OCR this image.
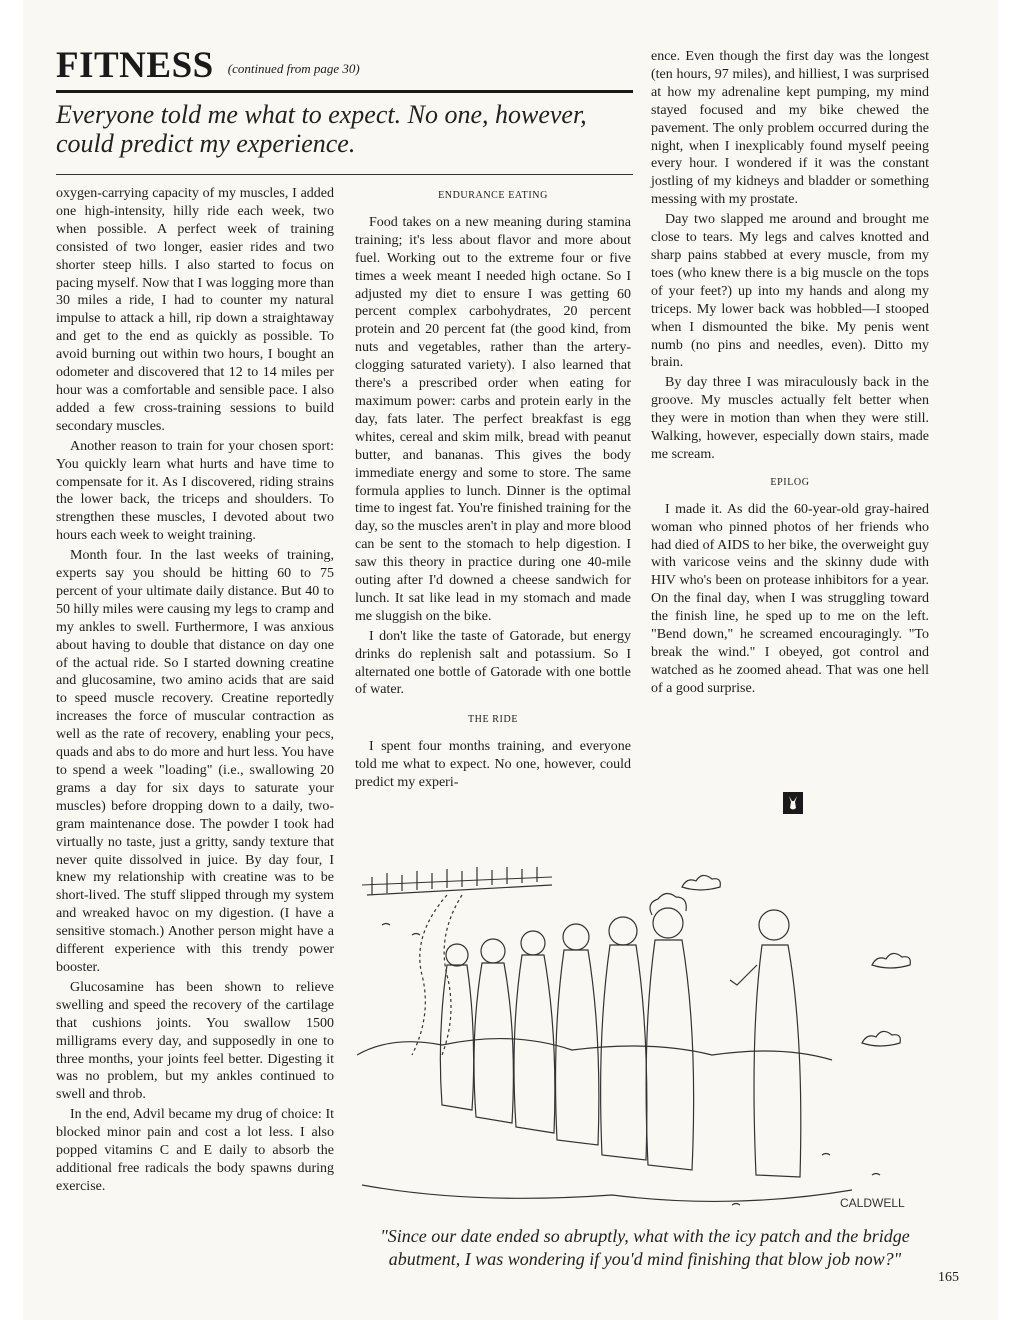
FITNESS $^{(continued from page 30)}$
Everyone told me what to expect. No one, however, could predict my experience.

oxygen-carrying capacity of my muscles, I added one high-intensity, hilly ride each week, two when possible. A perfect week of training consisted of two longer, easier rides and two shorter steep hills. I also started to focus on pacing myself. Now that I was logging more than 30 miles a ride, I had to counter my natural impulse to attack a hill, rip down a straightaway and get to the end as quickly as possible. To avoid burning out within two hours, I bought an odometer and discovered that 12 to 14 miles per hour was a comfortable and sensible pace. I also added a few cross-training sessions to build secondary muscles.

Another reason to train for your chosen sport: You quickly learn what hurts and have time to compensate for it. As I discovered, riding strains the lower back, the triceps and shoulders. To strengthen these muscles, I devoted about two hours each week to weight training.

Month four. In the last weeks of training, experts say you should be hitting 60 to 75 percent of your ultimate daily distance. But 40 to 50 hilly miles were causing my legs to cramp and my ankles to swell. Furthermore, I was anxious about having to double that distance on day one of the actual ride. So I started downing creatine and glucosamine, two amino acids that are said to speed muscle recovery. Creatine reportedly increases the force of muscular contraction as well as the rate of recovery, enabling your pecs, quads and abs to do more and hurt less. You have to spend a week "loading" (i.e., swallowing 20 grams a day for six days to saturate your muscles) before dropping down to a daily, two-gram maintenance dose. The powder I took had virtually no taste, just a gritty, sandy texture that never quite dissolved in juice. By day four, I knew my relationship with creatine was to be short-lived. The stuff slipped through my system and wreaked havoc on my digestion. (I have a sensitive stomach.) Another person might have a different experience with this trendy power booster.

Glucosamine has been shown to relieve swelling and speed the recovery of the cartilage that cushions joints. You swallow 1500 milligrams every day, and supposedly in one to three months, your joints feel better. Digesting it was no problem, but my ankles continued to swell and throb.

In the end, Advil became my drug of choice: It blocked minor pain and cost a lot less. I also popped vitamins C and E daily to absorb the additional free radicals the body spawns during exercise.

ENDURANCE EATING

Food takes on a new meaning during stamina training; it's less about flavor and more about fuel. Working out to the extreme four or five times a week meant I needed high octane. So I adjusted my diet to ensure I was getting 60 percent complex carbohydrates, 20 percent protein and 20 percent fat (the good kind, from nuts and vegetables, rather than the artery-clogging saturated variety). I also learned that there's a prescribed order when eating for maximum power: carbs and protein early in the day, fats later. The perfect breakfast is egg whites, cereal and skim milk, bread with peanut butter, and bananas. This gives the body immediate energy and some to store. The same formula applies to lunch. Dinner is the optimal time to ingest fat. You're finished training for the day, so the muscles aren't in play and more blood can be sent to the stomach to help digestion. I saw this theory in practice during one 40-mile outing after I'd downed a cheese sandwich for lunch. It sat like lead in my stomach and made me sluggish on the bike.

I don't like the taste of Gatorade, but energy drinks do replenish salt and potassium. So I alternated one bottle of Gatorade with one bottle of water.

THE RIDE

I spent four months training, and everyone told me what to expect. No one, however, could predict my experi-

ence. Even though the first day was the longest (ten hours, 97 miles), and hilliest, I was surprised at how my adrenaline kept pumping, my mind stayed focused and my bike chewed the pavement. The only problem occurred during the night, when I inexplicably found myself peeing every hour. I wondered if it was the constant jostling of my kidneys and bladder or something messing with my prostate.

Day two slapped me around and brought me close to tears. My legs and calves knotted and sharp pains stabbed at every muscle, from my toes (who knew there is a big muscle on the tops of your feet?) up into my hands and along my triceps. My lower back was hobbled—I stooped when I dismounted the bike. My penis went numb (no pins and needles, even). Ditto my brain.

By day three I was miraculously back in the groove. My muscles actually felt better when they were in motion than when they were still. Walking, however, especially down stairs, made me scream.

EPILOG

I made it. As did the 60-year-old gray-haired woman who pinned photos of her friends who had died of AIDS to her bike, the overweight guy with varicose veins and the skinny dude with HIV who's been on protease inhibitors for a year. On the final day, when I was struggling toward the finish line, he sped up to me on the left. "Bend down," he screamed encouragingly. "To break the wind." I obeyed, got control and watched as he zoomed ahead. That was one hell of a good surprise.

CALDWELL
"Since our date ended so abruptly, what with the icy patch and the bridge abutment, I was wondering if you'd mind finishing that blow job now?"
165
